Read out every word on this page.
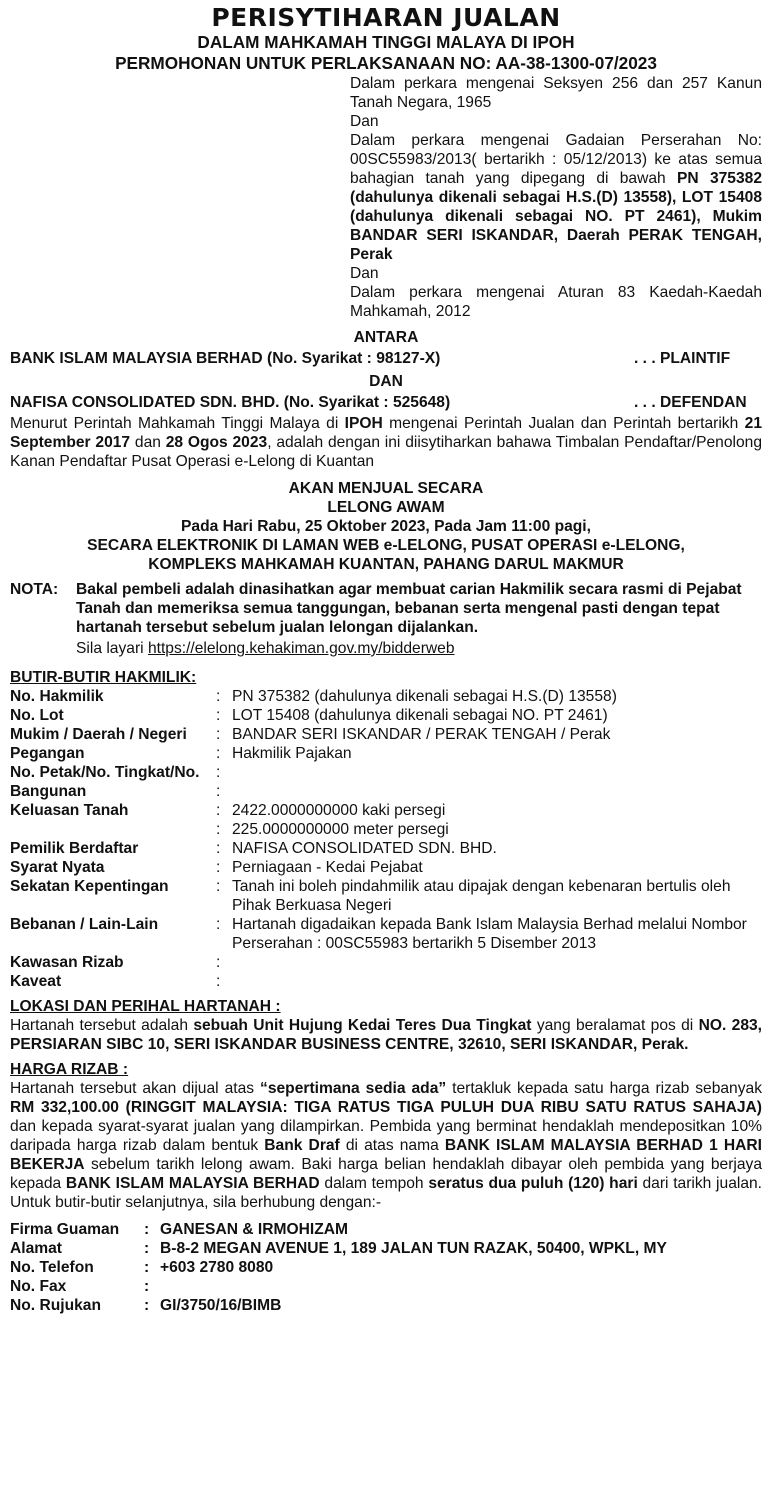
PERISYTIHARAN JUALAN
DALAM MAHKAMAH TINGGI MALAYA DI IPOH
PERMOHONAN UNTUK PERLAKSANAAN NO: AA-38-1300-07/2023

Dalam perkara mengenai Seksyen 256 dan 257 Kanun Tanah Negara, 1965

Dan

Dalam perkara mengenai Gadaian Perserahan No: 00SC55983/2013( bertarikh : 05/12/2013) ke atas semua bahagian tanah yang dipegang di bawah PN 375382 (dahulunya dikenali sebagai H.S.(D) 13558), LOT 15408 (dahulunya dikenali sebagai NO. PT 2461), Mukim BANDAR SERI ISKANDAR, Daerah PERAK TENGAH, Perak

Dan

Dalam perkara mengenai Aturan 83 Kaedah-Kaedah Mahkamah, 2012

ANTARA
BANK ISLAM MALAYSIA BERHAD (No. Syarikat : 98127-X)	. . . PLAINTIF
DAN
NAFISA CONSOLIDATED SDN. BHD. (No. Syarikat : 525648)	. . . DEFENDAN

Menurut Perintah Mahkamah Tinggi Malaya di IPOH mengenai Perintah Jualan dan Perintah bertarikh 21 September 2017 dan 28 Ogos 2023, adalah dengan ini diisytiharkan bahawa Timbalan Pendaftar/Penolong Kanan Pendaftar Pusat Operasi e-Lelong di Kuantan

AKAN MENJUAL SECARA
LELONG AWAM
Pada Hari Rabu, 25 Oktober 2023, Pada Jam 11:00 pagi,
SECARA ELEKTRONIK DI LAMAN WEB e-LELONG, PUSAT OPERASI e-LELONG,
KOMPLEKS MAHKAMAH KUANTAN, PAHANG DARUL MAKMUR
NOTA:	Bakal pembeli adalah dinasihatkan agar membuat carian Hakmilik secara rasmi di Pejabat Tanah dan memeriksa semua tanggungan, bebanan serta mengenal pasti dengan tepat hartanah tersebut sebelum jualan lelongan dijalankan.
Sila layari https://elelong.kehakiman.gov.my/bidderweb
BUTIR-BUTIR HAKMILIK:
No. Hakmilik	: PN 375382 (dahulunya dikenali sebagai H.S.(D) 13558)
No. Lot	: LOT 15408 (dahulunya dikenali sebagai NO. PT 2461)
Mukim / Daerah / Negeri	: BANDAR SERI ISKANDAR / PERAK TENGAH / Perak
Pegangan	: Hakmilik Pajakan
No. Petak/No. Tingkat/No.	:
Bangunan	:
Keluasan Tanah	: 2422.0000000000 kaki persegi
: 225.0000000000 meter persegi
Pemilik Berdaftar	: NAFISA CONSOLIDATED SDN. BHD.
Syarat Nyata	: Perniagaan - Kedai Pejabat
Sekatan Kepentingan	: Tanah ini boleh pindahmilik atau dipajak dengan kebenaran bertulis oleh Pihak Berkuasa Negeri
Bebanan / Lain-Lain	: Hartanah digadaikan kepada Bank Islam Malaysia Berhad melalui Nombor Perserahan : 00SC55983 bertarikh 5 Disember 2013
Kawasan Rizab	:
Kaveat	:
LOKASI DAN PERIHAL HARTANAH :

Hartanah tersebut adalah sebuah Unit Hujung Kedai Teres Dua Tingkat yang beralamat pos di NO. 283, PERSIARAN SIBC 10, SERI ISKANDAR BUSINESS CENTRE, 32610, SERI ISKANDAR, Perak.

HARGA RIZAB :

Hartanah tersebut akan dijual atas “sepertimana sedia ada” tertakluk kepada satu harga rizab sebanyak RM 332,100.00 (RINGGIT MALAYSIA: TIGA RATUS TIGA PULUH DUA RIBU SATU RATUS SAHAJA) dan kepada syarat-syarat jualan yang dilampirkan. Pembida yang berminat hendaklah mendepositkan 10% daripada harga rizab dalam bentuk Bank Draf di atas nama BANK ISLAM MALAYSIA BERHAD 1 HARI BEKERJA sebelum tarikh lelong awam. Baki harga belian hendaklah dibayar oleh pembida yang berjaya kepada BANK ISLAM MALAYSIA BERHAD dalam tempoh seratus dua puluh (120) hari dari tarikh jualan. Untuk butir-butir selanjutnya, sila berhubung dengan:-

Firma Guaman	: GANESAN & IRMOHIZAM
Alamat	: B-8-2 MEGAN AVENUE 1, 189 JALAN TUN RAZAK, 50400, WPKL, MY
No. Telefon	: +603 2780 8080
No. Fax	:
No. Rujukan	: GI/3750/16/BIMB
